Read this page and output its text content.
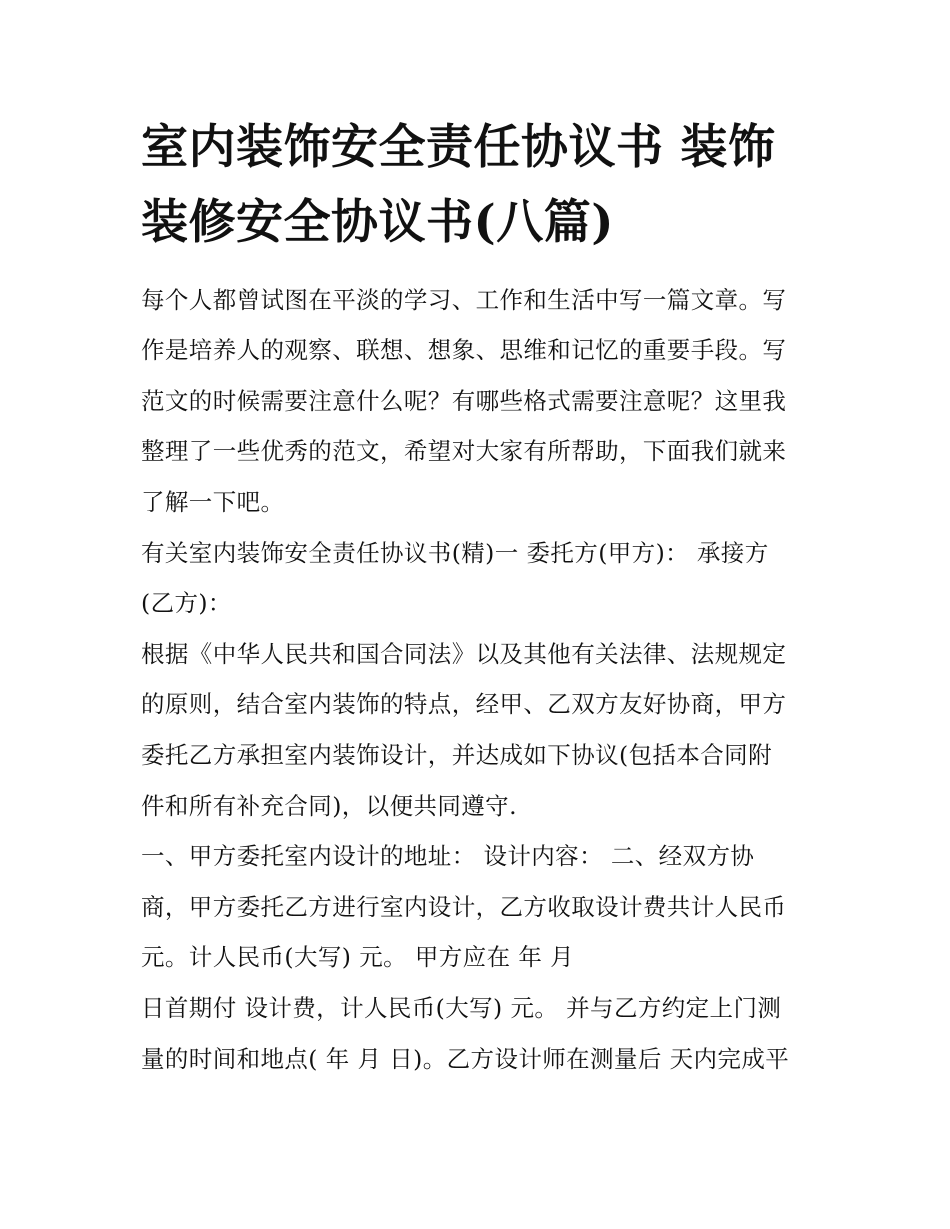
室内装饰安全责任协议书 装饰
装修安全协议书(八篇)

每个人都曾试图在平淡的学习、工作和生活中写一篇文章。写

作是培养人的观察、联想、想象、思维和记忆的重要手段。写

范文的时候需要注意什么呢？有哪些格式需要注意呢？这里我

整理了一些优秀的范文，希望对大家有所帮助，下面我们就来

了解一下吧。

有关室内装饰安全责任协议书(精)一 委托方(甲方)： 承接方

(乙方)：

根据《中华人民共和国合同法》以及其他有关法律、法规规定

的原则，结合室内装饰的特点，经甲、乙双方友好协商，甲方

委托乙方承担室内装饰设计，并达成如下协议(包括本合同附

件和所有补充合同)，以便共同遵守.

一、甲方委托室内设计的地址： 设计内容： 二、经双方协

商，甲方委托乙方进行室内设计，乙方收取设计费共计人民币

元。计人民币(大写) 元。 甲方应在 年 月

日首期付 设计费，计人民币(大写) 元。 并与乙方约定上门测

量的时间和地点( 年 月 日)。乙方设计师在测量后 天内完成平
